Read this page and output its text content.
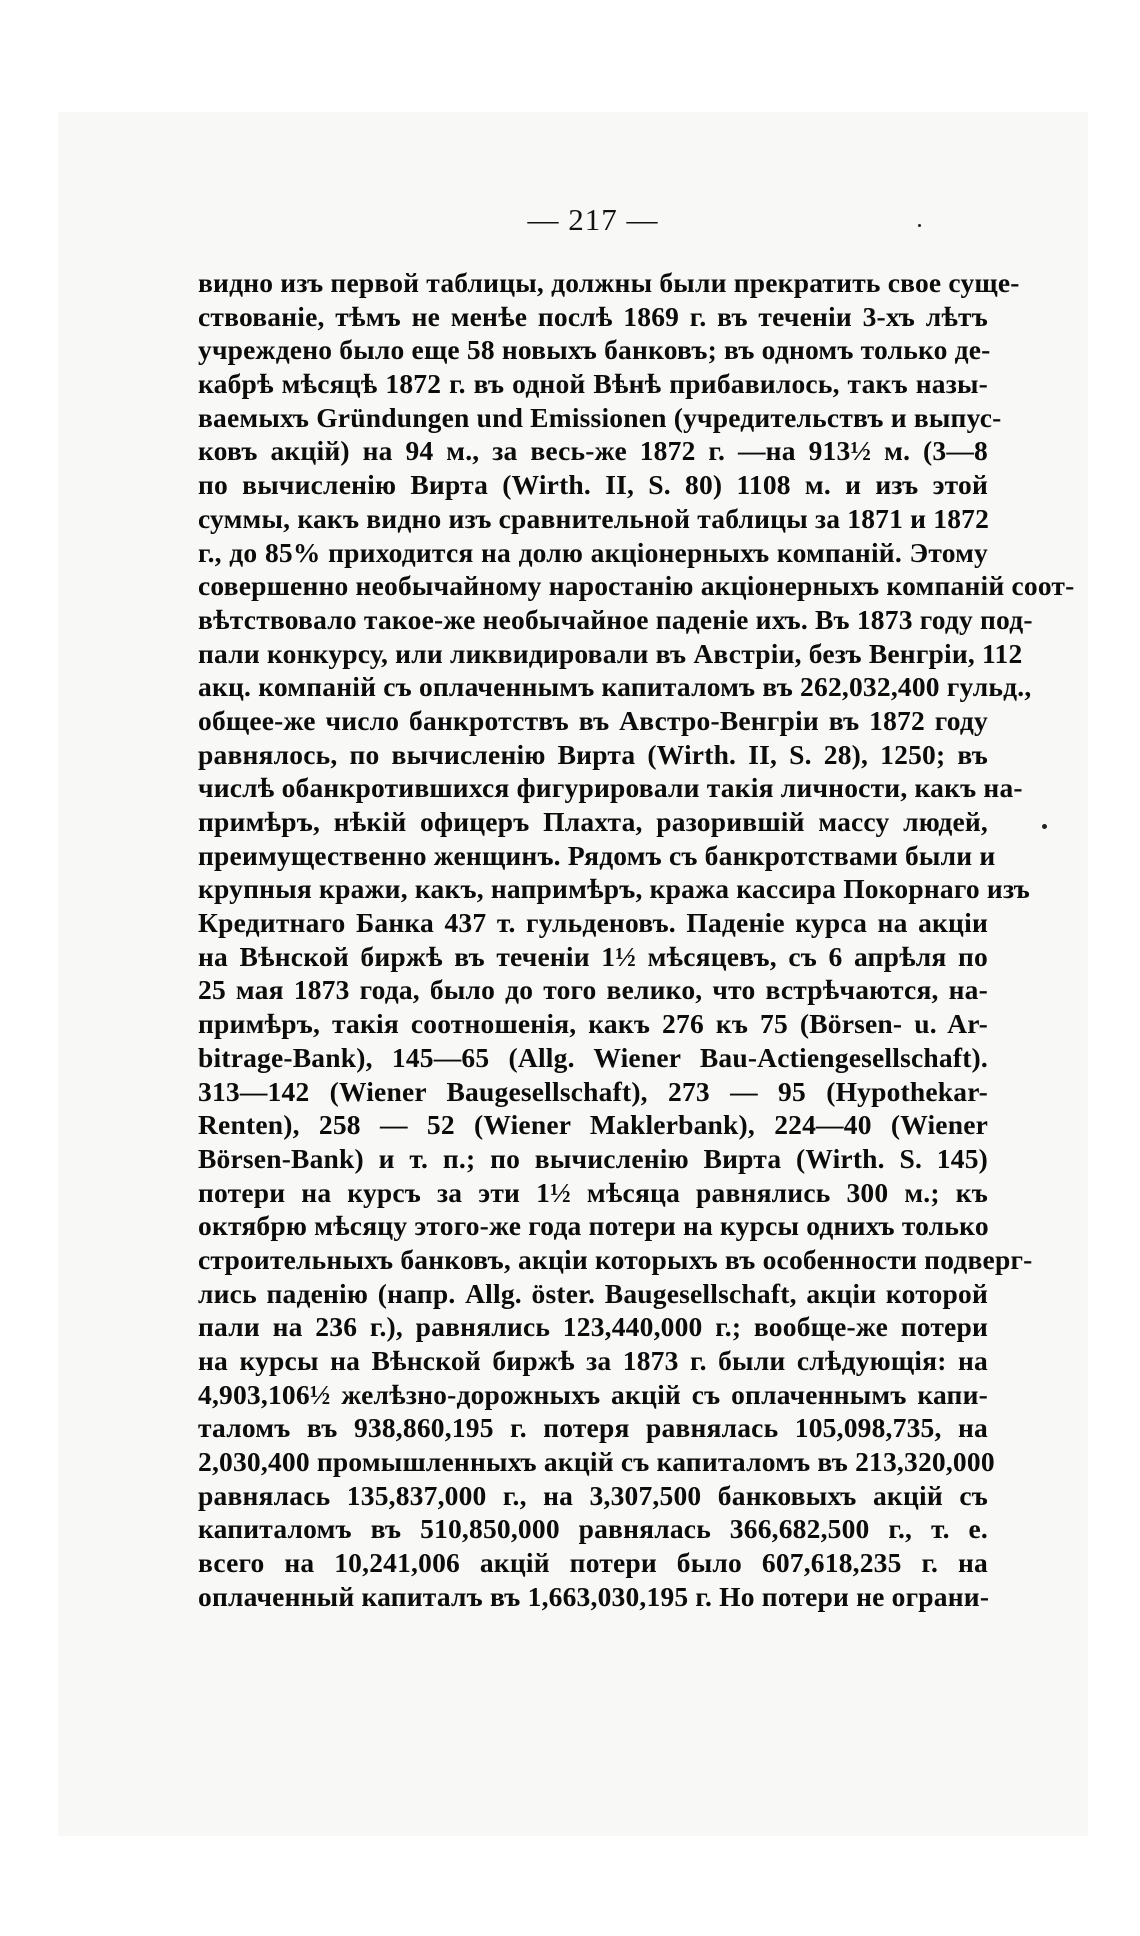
— 217 —
видно изъ первой таблицы, должны были прекратить свое суще-
ствованіе, тѣмъ не менѣе послѣ 1869 г. въ теченіи 3-хъ лѣтъ
учреждено было еще 58 новыхъ банковъ; въ одномъ только де-
кабрѣ мѣсяцѣ 1872 г. въ одной Вѣнѣ прибавилось, такъ назы-
ваемыхъ Gründungen und Emissionen (учредительствъ и выпус-
ковъ акцій) на 94 м., за весь-же 1872 г. —на 913½ м. (3—8
по вычисленію Вирта (Wirth. II, S. 80) 1108 м. и изъ этой
суммы, какъ видно изъ сравнительной таблицы за 1871 и 1872
г., до 85% приходится на долю акціонерныхъ компаній. Этому
совершенно необычайному наростанію акціонерныхъ компаній соот-
вѣтствовало такое-же необычайное паденіе ихъ. Въ 1873 году под-
пали конкурсу, или ликвидировали въ Австріи, безъ Венгріи, 112
акц. компаній съ оплаченнымъ капиталомъ въ 262,032,400 гульд.,
общее-же число банкротствъ въ Австро-Венгріи въ 1872 году
равнялось, по вычисленію Вирта (Wirth. II, S. 28), 1250; въ
числѣ обанкротившихся фигурировали такія личности, какъ на-
примѣръ, нѣкій офицеръ Плахта, разорившій массу людей,
преимущественно женщинъ. Рядомъ съ банкротствами были и
крупныя кражи, какъ, напримѣръ, кража кассира Покорнаго изъ
Кредитнаго Банка 437 т. гульденовъ. Паденіе курса на акціи
на Вѣнской биржѣ въ теченіи 1½ мѣсяцевъ, съ 6 апрѣля по
25 мая 1873 года, было до того велико, что встрѣчаются, на-
примѣръ, такія соотношенія, какъ 276 къ 75 (Börsen- u. Ar-
bitrage-Bank), 145—65 (Allg. Wiener Bau-Actiengesellschaft).
313—142 (Wiener Baugesellschaft), 273 — 95 (Hypothekar-
Renten), 258 — 52 (Wiener Maklerbank), 224—40 (Wiener
Börsen-Bank) и т. п.; по вычисленію Вирта (Wirth. S. 145)
потери на курсъ за эти 1½ мѣсяца равнялись 300 м.; къ
октябрю мѣсяцу этого-же года потери на курсы однихъ только
строительныхъ банковъ, акціи которыхъ въ особенности подверг-
лись паденію (напр. Allg. öster. Baugesellschaft, акціи которой
пали на 236 г.), равнялись 123,440,000 г.; вообще-же потери
на курсы на Вѣнской биржѣ за 1873 г. были слѣдующія: на
4,903,106½ желѣзно-дорожныхъ акцій съ оплаченнымъ капи-
таломъ въ 938,860,195 г. потеря равнялась 105,098,735, на
2,030,400 промышленныхъ акцій съ капиталомъ въ 213,320,000
равнялась 135,837,000 г., на 3,307,500 банковыхъ акцій съ
капиталомъ въ 510,850,000 равнялась 366,682,500 г., т. е.
всего на 10,241,006 акцій потери было 607,618,235 г. на
оплаченный капиталъ въ 1,663,030,195 г. Но потери не ограни-
